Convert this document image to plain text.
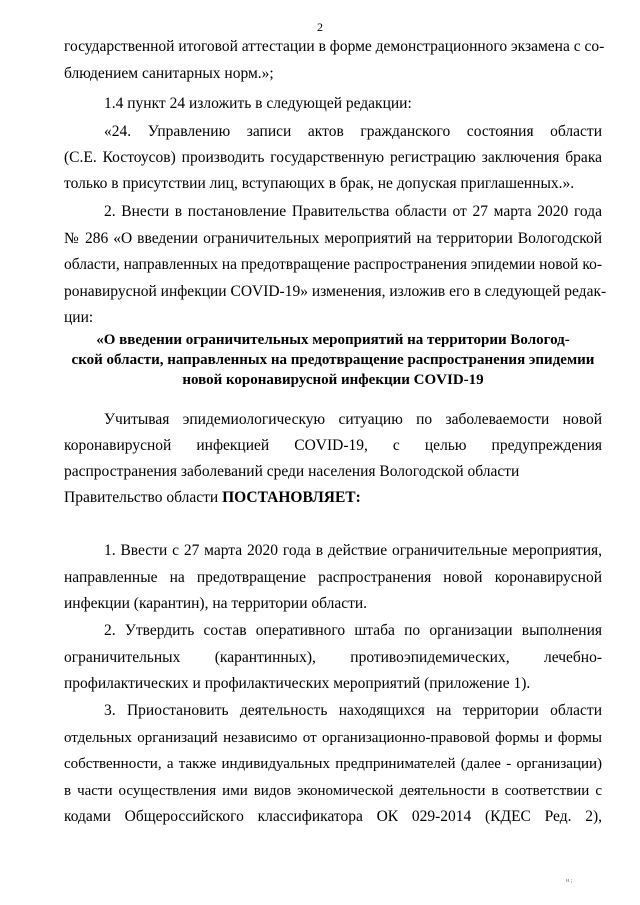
2
государственной итоговой аттестации в форме демонстрационного экзамена с со-
блюдением санитарных норм.»;
1.4 пункт 24 изложить в следующей редакции:
«24. Управлению записи актов гражданского состояния области
(С.Е. Костоусов) производить государственную регистрацию заключения брака
только в присутствии лиц, вступающих в брак, не допуская приглашенных.».
2. Внести в постановление Правительства области от 27 марта 2020 года
№ 286 «О введении ограничительных мероприятий на территории Вологодской
области, направленных на предотвращение распространения эпидемии новой ко-
ронавирусной инфекции COVID-19» изменения, изложив его в следующей редак-
ции:
«О введении ограничительных мероприятий на территории Вологод-
ской области, направленных на предотвращение распространения эпидемии
новой коронавирусной инфекции COVID-19
Учитывая эпидемиологическую ситуацию по заболеваемости новой
коронавирусной инфекцией COVID-19, с целью предупреждения
распространения заболеваний среди населения Вологодской области
Правительство области ПОСТАНОВЛЯЕТ:
1. Ввести с 27 марта 2020 года в действие ограничительные мероприятия,
направленные на предотвращение распространения новой коронавирусной
инфекции (карантин), на территории области.
2. Утвердить состав оперативного штаба по организации выполнения
ограничительных (карантинных), противоэпидемических, лечебно-
профилактических и профилактических мероприятий (приложение 1).
3. Приостановить деятельность находящихся на территории области
отдельных организаций независимо от организационно-правовой формы и формы
собственности, а также индивидуальных предпринимателей (далее - организации)
в части осуществления ими видов экономической деятельности в соответствии с
кодами Общероссийского классификатора ОК 029-2014 (КДЕС Ред. 2),
н ;
